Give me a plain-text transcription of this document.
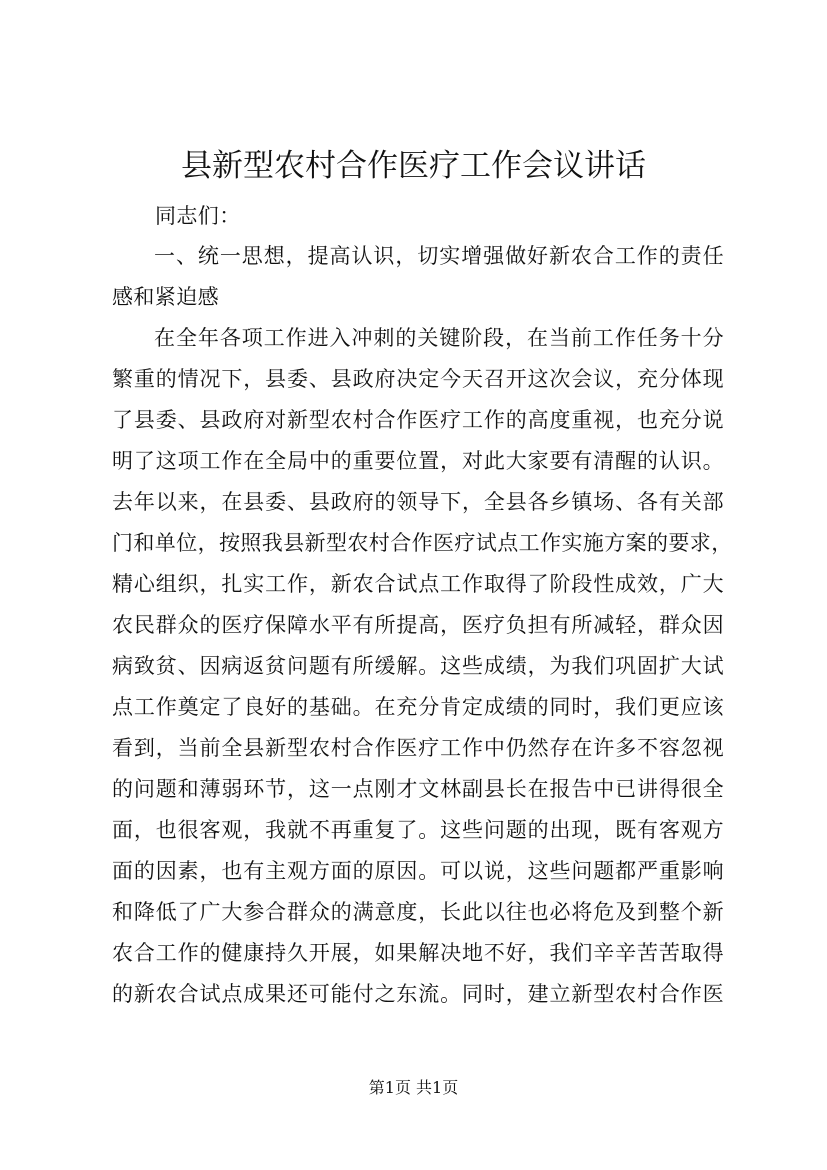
县新型农村合作医疗工作会议讲话
同志们：
一、统一思想，提高认识，切实增强做好新农合工作的责任
感和紧迫感
在全年各项工作进入冲刺的关键阶段，在当前工作任务十分
繁重的情况下，县委、县政府决定今天召开这次会议，充分体现
了县委、县政府对新型农村合作医疗工作的高度重视，也充分说
明了这项工作在全局中的重要位置，对此大家要有清醒的认识。
去年以来，在县委、县政府的领导下，全县各乡镇场、各有关部
门和单位，按照我县新型农村合作医疗试点工作实施方案的要求，
精心组织，扎实工作，新农合试点工作取得了阶段性成效，广大
农民群众的医疗保障水平有所提高，医疗负担有所减轻，群众因
病致贫、因病返贫问题有所缓解。这些成绩，为我们巩固扩大试
点工作奠定了良好的基础。在充分肯定成绩的同时，我们更应该
看到，当前全县新型农村合作医疗工作中仍然存在许多不容忽视
的问题和薄弱环节，这一点刚才文林副县长在报告中已讲得很全
面，也很客观，我就不再重复了。这些问题的出现，既有客观方
面的因素，也有主观方面的原因。可以说，这些问题都严重影响
和降低了广大参合群众的满意度，长此以往也必将危及到整个新
农合工作的健康持久开展，如果解决地不好，我们辛辛苦苦取得
的新农合试点成果还可能付之东流。同时，建立新型农村合作医
第1页 共1页
